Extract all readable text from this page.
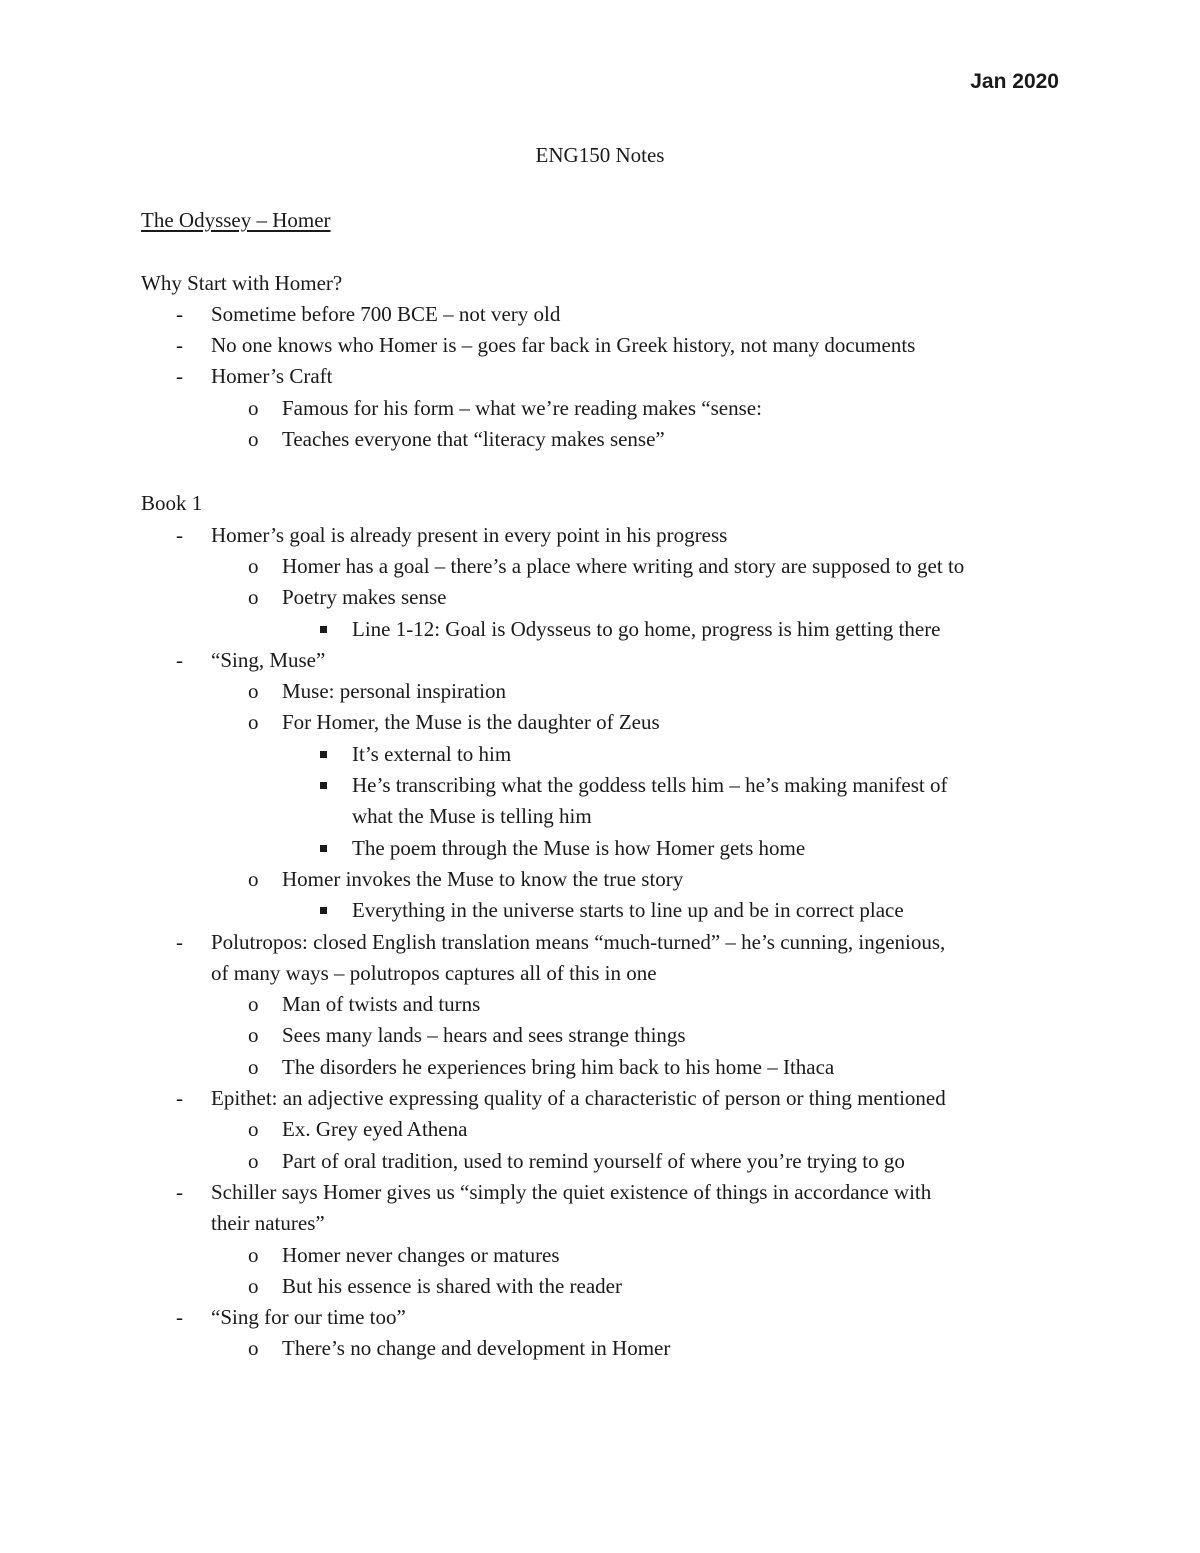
Jan 2020
ENG150 Notes
The Odyssey – Homer
Why Start with Homer?
- Sometime before 700 BCE – not very old
- No one knows who Homer is – goes far back in Greek history, not many documents
- Homer’s Craft
o Famous for his form – what we’re reading makes “sense:
o Teaches everyone that “literacy makes sense”
Book 1
- Homer’s goal is already present in every point in his progress
o Homer has a goal – there’s a place where writing and story are supposed to get to
o Poetry makes sense
Line 1-12: Goal is Odysseus to go home, progress is him getting there
- “Sing, Muse”
o Muse: personal inspiration
o For Homer, the Muse is the daughter of Zeus
It’s external to him
He’s transcribing what the goddess tells him – he’s making manifest of
what the Muse is telling him
The poem through the Muse is how Homer gets home
o Homer invokes the Muse to know the true story
Everything in the universe starts to line up and be in correct place
- Polutropos: closed English translation means “much-turned” – he’s cunning, ingenious,
of many ways – polutropos captures all of this in one
o Man of twists and turns
o Sees many lands – hears and sees strange things
o The disorders he experiences bring him back to his home – Ithaca
- Epithet: an adjective expressing quality of a characteristic of person or thing mentioned
o Ex. Grey eyed Athena
o Part of oral tradition, used to remind yourself of where you’re trying to go
- Schiller says Homer gives us “simply the quiet existence of things in accordance with
their natures”
o Homer never changes or matures
o But his essence is shared with the reader
- “Sing for our time too”
o There’s no change and development in Homer
